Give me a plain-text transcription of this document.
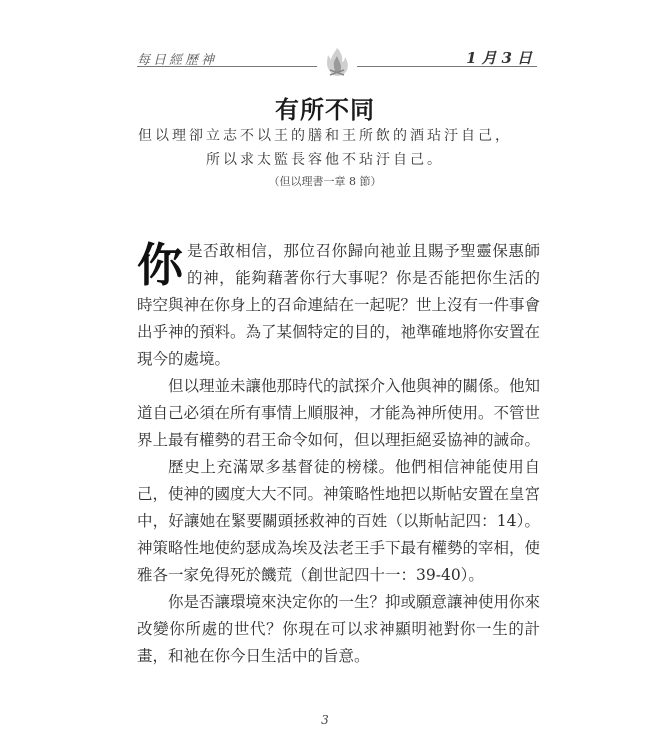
每日經歷神	1月3日
有所不同
但以理卻立志不以王的膳和王所飲的酒玷汙自己，
所以求太監長容他不玷汙自己。
（但以理書一章 8 節）

你是否敢相信，那位召你歸向祂並且賜予聖靈保惠師的神，能夠藉著你行大事呢？你是否能把你生活的時空與神在你身上的召命連結在一起呢？世上沒有一件事會出乎神的預料。為了某個特定的目的，祂準確地將你安置在現今的處境。

但以理並未讓他那時代的試探介入他與神的關係。他知道自己必須在所有事情上順服神，才能為神所使用。不管世界上最有權勢的君王命令如何，但以理拒絕妥協神的誡命。

歷史上充滿眾多基督徒的榜樣。他們相信神能使用自己，使神的國度大大不同。神策略性地把以斯帖安置在皇宮中，好讓她在緊要關頭拯救神的百姓（以斯帖記四：14）。神策略性地使約瑟成為埃及法老王手下最有權勢的宰相，使雅各一家免得死於饑荒（創世記四十一：39-40）。

你是否讓環境來決定你的一生？抑或願意讓神使用你來改變你所處的世代？你現在可以求神顯明祂對你一生的計畫，和祂在你今日生活中的旨意。

3
